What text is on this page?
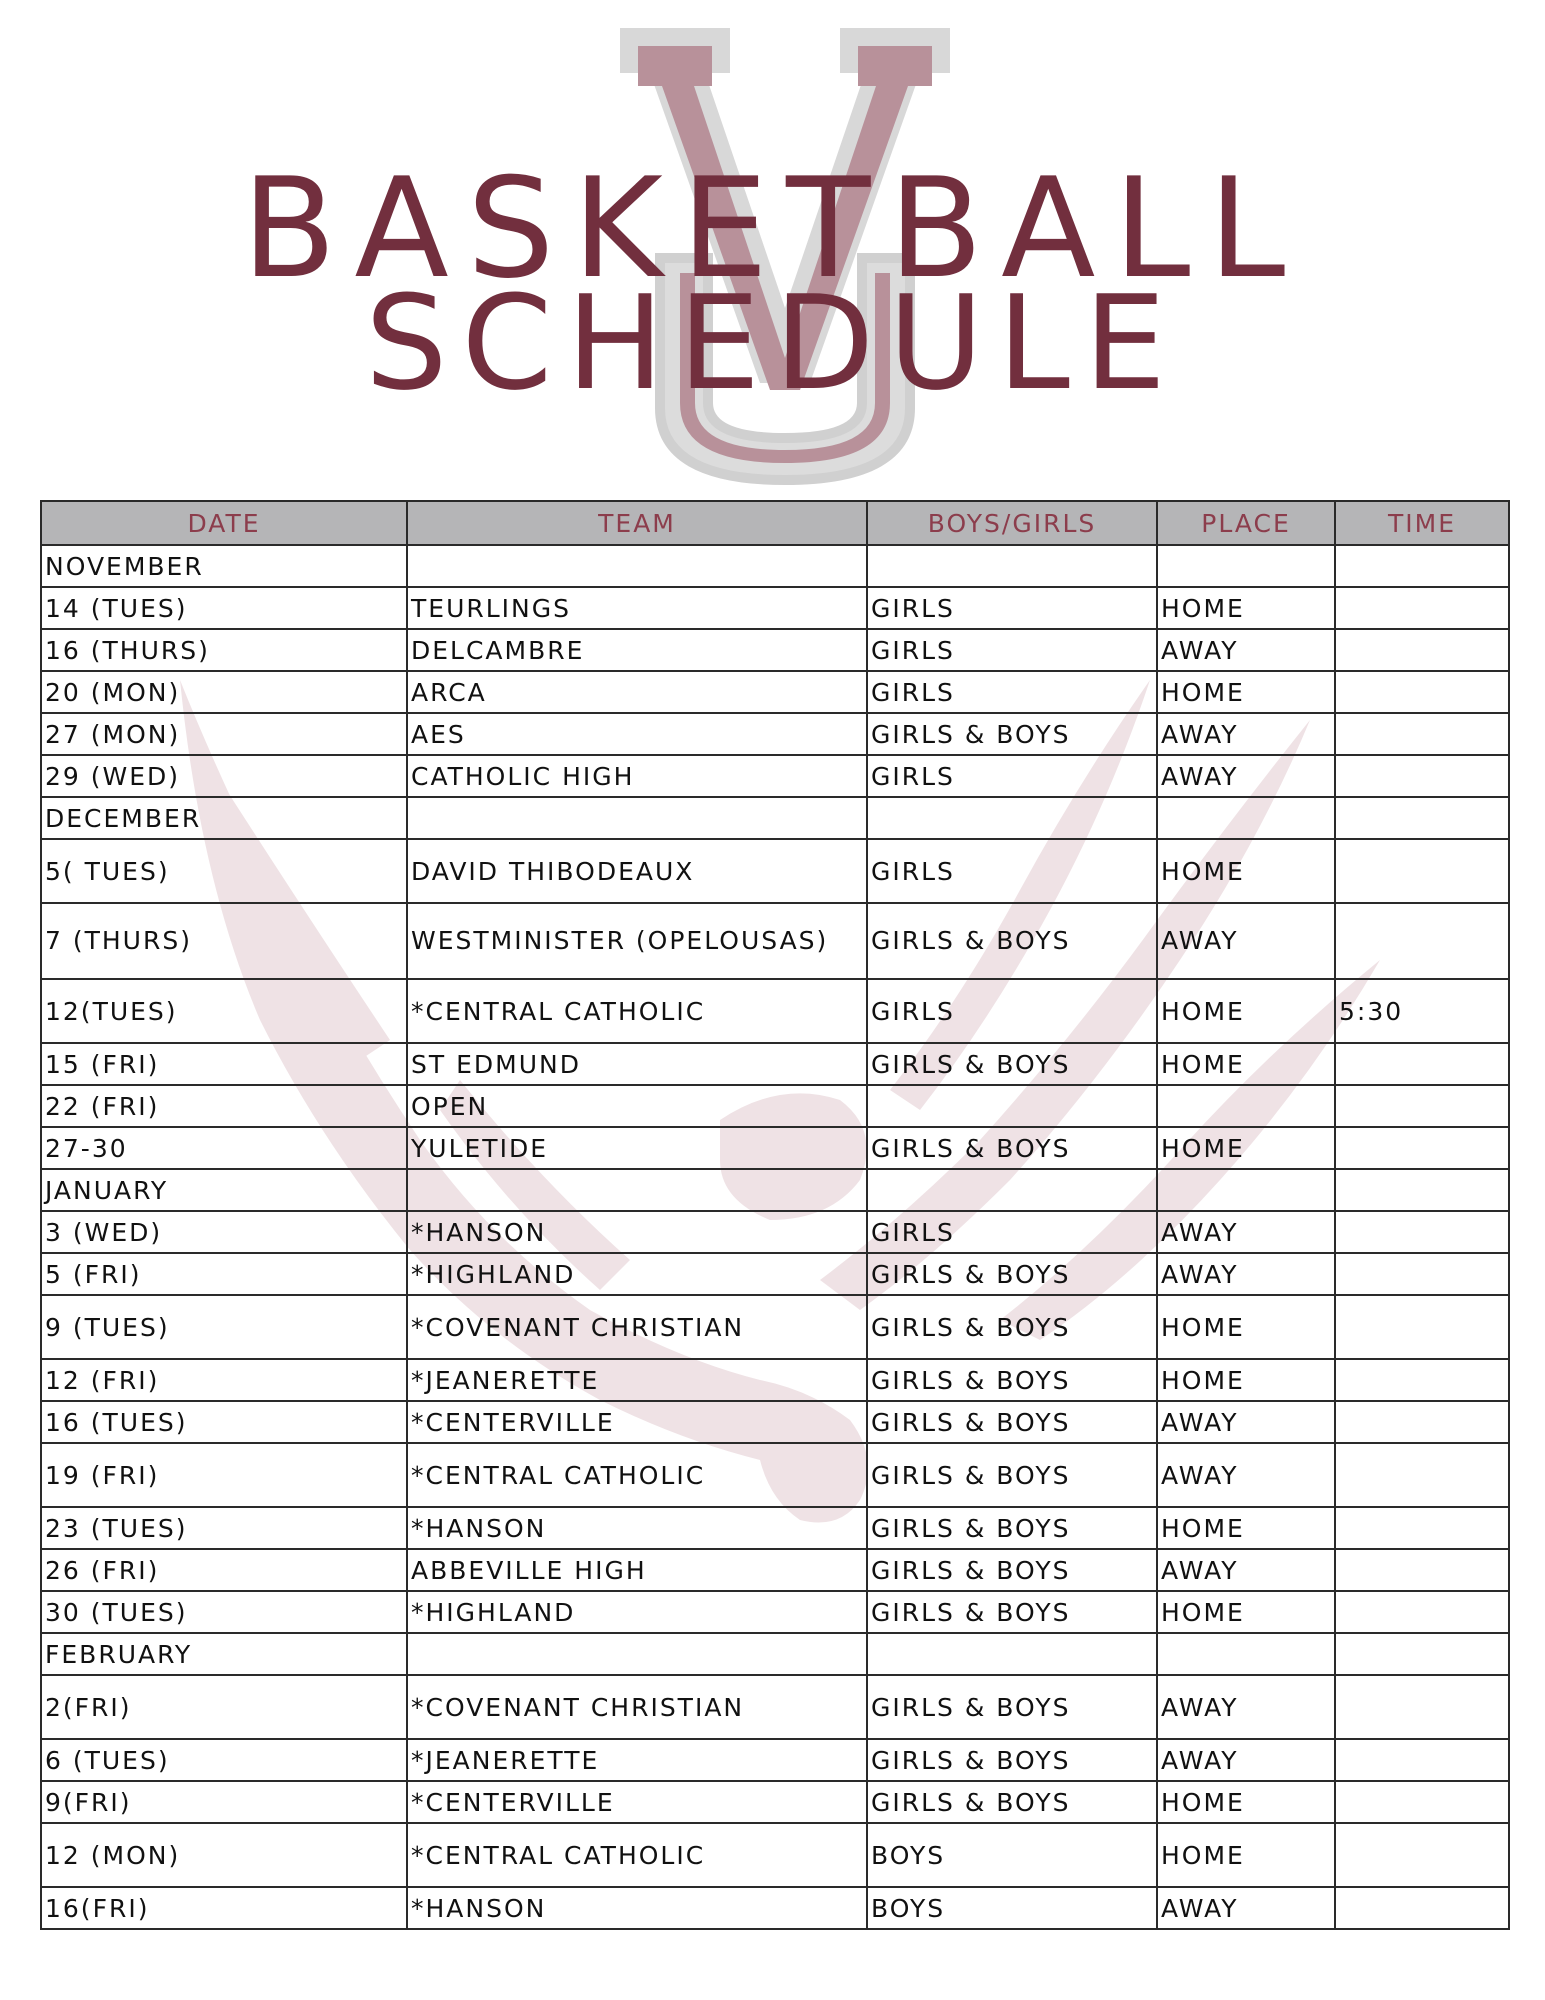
BASKETBALL
SCHEDULE
DATE	TEAM	BOYS/GIRLS	PLACE	TIME
NOVEMBER				
14 (TUES)	TEURLINGS	GIRLS	HOME	
16 (THURS)	DELCAMBRE	GIRLS	AWAY	
20 (MON)	ARCA	GIRLS	HOME	
27 (MON)	AES	GIRLS & BOYS	AWAY	
29 (WED)	CATHOLIC HIGH	GIRLS	AWAY	
DECEMBER				
5( TUES)	DAVID THIBODEAUX	GIRLS	HOME	
7 (THURS)	WESTMINISTER (OPELOUSAS)	GIRLS & BOYS	AWAY	
12(TUES)	*CENTRAL CATHOLIC	GIRLS	HOME	5:30
15 (FRI)	ST EDMUND	GIRLS & BOYS	HOME	
22 (FRI)	OPEN			
27-30	YULETIDE	GIRLS & BOYS	HOME	
JANUARY				
3 (WED)	*HANSON	GIRLS	AWAY	
5 (FRI)	*HIGHLAND	GIRLS & BOYS	AWAY	
9 (TUES)	*COVENANT CHRISTIAN	GIRLS & BOYS	HOME	
12 (FRI)	*JEANERETTE	GIRLS & BOYS	HOME	
16 (TUES)	*CENTERVILLE	GIRLS & BOYS	AWAY	
19 (FRI)	*CENTRAL CATHOLIC	GIRLS & BOYS	AWAY	
23 (TUES)	*HANSON	GIRLS & BOYS	HOME	
26 (FRI)	ABBEVILLE HIGH	GIRLS & BOYS	AWAY	
30 (TUES)	*HIGHLAND	GIRLS & BOYS	HOME	
FEBRUARY				
2(FRI)	*COVENANT CHRISTIAN	GIRLS & BOYS	AWAY	
6 (TUES)	*JEANERETTE	GIRLS & BOYS	AWAY	
9(FRI)	*CENTERVILLE	GIRLS & BOYS	HOME	
12 (MON)	*CENTRAL CATHOLIC	BOYS	HOME	
16(FRI)	*HANSON	BOYS	AWAY	
